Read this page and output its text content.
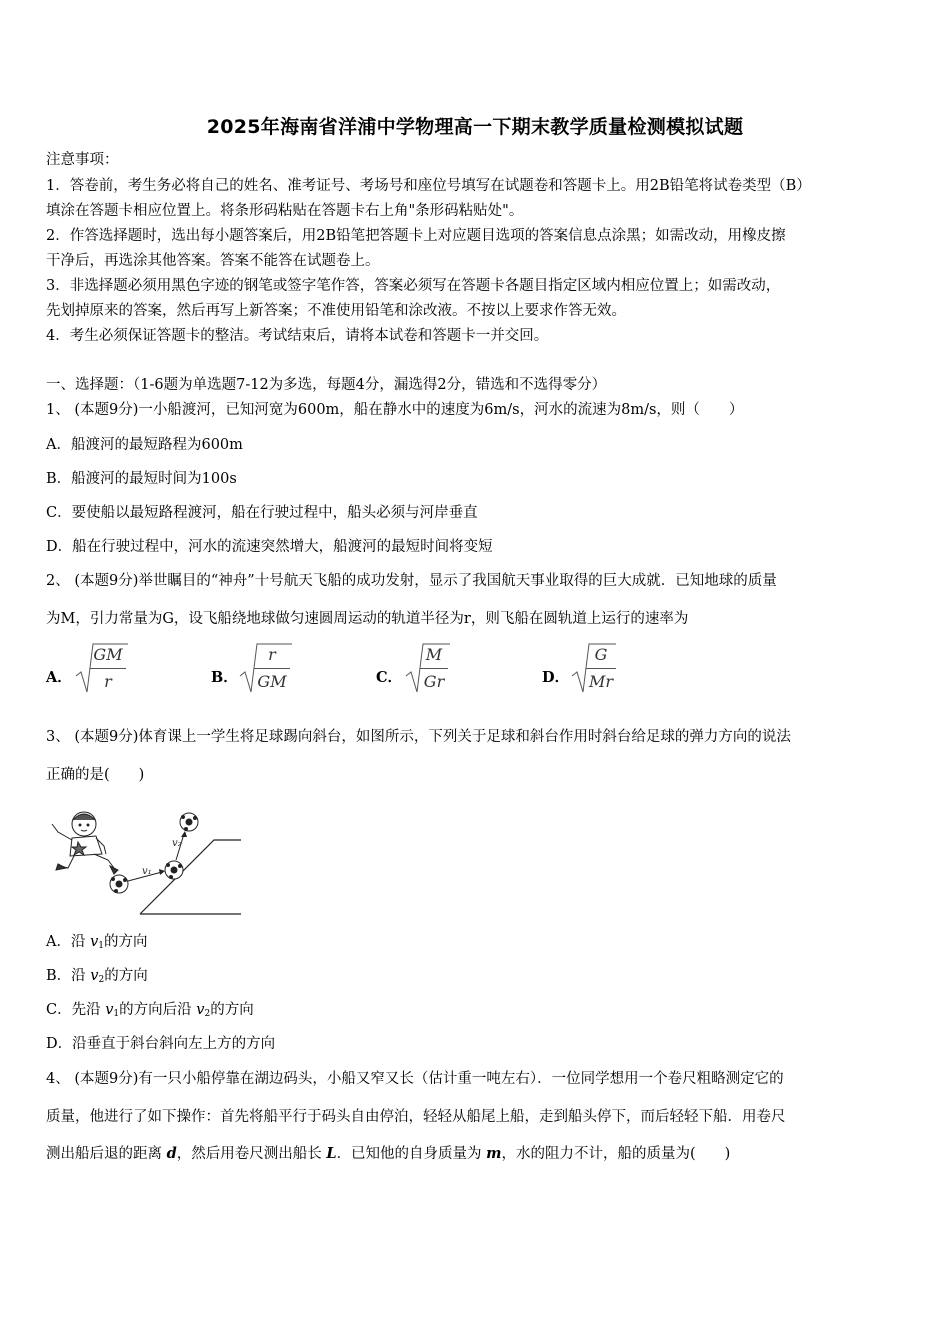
2025年海南省洋浦中学物理高一下期末教学质量检测模拟试题
注意事项：
1．答卷前，考生务必将自己的姓名、准考证号、考场号和座位号填写在试题卷和答题卡上。用2B铅笔将试卷类型（B）
填涂在答题卡相应位置上。将条形码粘贴在答题卡右上角"条形码粘贴处"。
2．作答选择题时，选出每小题答案后，用2B铅笔把答题卡上对应题目选项的答案信息点涂黑；如需改动，用橡皮擦
干净后，再选涂其他答案。答案不能答在试题卷上。
3．非选择题必须用黑色字迹的钢笔或签字笔作答，答案必须写在答题卡各题目指定区域内相应位置上；如需改动，
先划掉原来的答案，然后再写上新答案；不准使用铅笔和涂改液。不按以上要求作答无效。
4．考生必须保证答题卡的整洁。考试结束后，请将本试卷和答题卡一并交回。
一、选择题：（1-6题为单选题7-12为多选，每题4分，漏选得2分，错选和不选得零分）
1、 (本题9分)一小船渡河，已知河宽为600m，船在静水中的速度为6m/s，河水的流速为8m/s，则（　　）
A．船渡河的最短路程为600m
B．船渡河的最短时间为100s
C．要使船以最短路程渡河，船在行驶过程中，船头必须与河岸垂直
D．船在行驶过程中，河水的流速突然增大，船渡河的最短时间将变短
2、 (本题9分)举世瞩目的“神舟”十号航天飞船的成功发射，显示了我国航天事业取得的巨大成就．已知地球的质量
为M，引力常量为G，设飞船绕地球做匀速圆周运动的轨道半径为r，则飞船在圆轨道上运行的速率为
A．
GM
r	B．
r
GM	C．
M
Gr	D．
G
Mr
3、 (本题9分)体育课上一学生将足球踢向斜台，如图所示，下列关于足球和斜台作用时斜台给足球的弹力方向的说法
正确的是(　　)
v₁
v₂
A．沿 $v_1$的方向
B．沿 $v_2$的方向
C．先沿 $v_1$的方向后沿 $v_2$的方向
D．沿垂直于斜台斜向左上方的方向
4、 (本题9分)有一只小船停靠在湖边码头，小船又窄又长（估计重一吨左右）．一位同学想用一个卷尺粗略测定它的
质量，他进行了如下操作：首先将船平行于码头自由停泊，轻轻从船尾上船，走到船头停下，而后轻轻下船．用卷尺
测出船后退的距离 d，然后用卷尺测出船长 L．已知他的自身质量为 m，水的阻力不计，船的质量为(　　)
